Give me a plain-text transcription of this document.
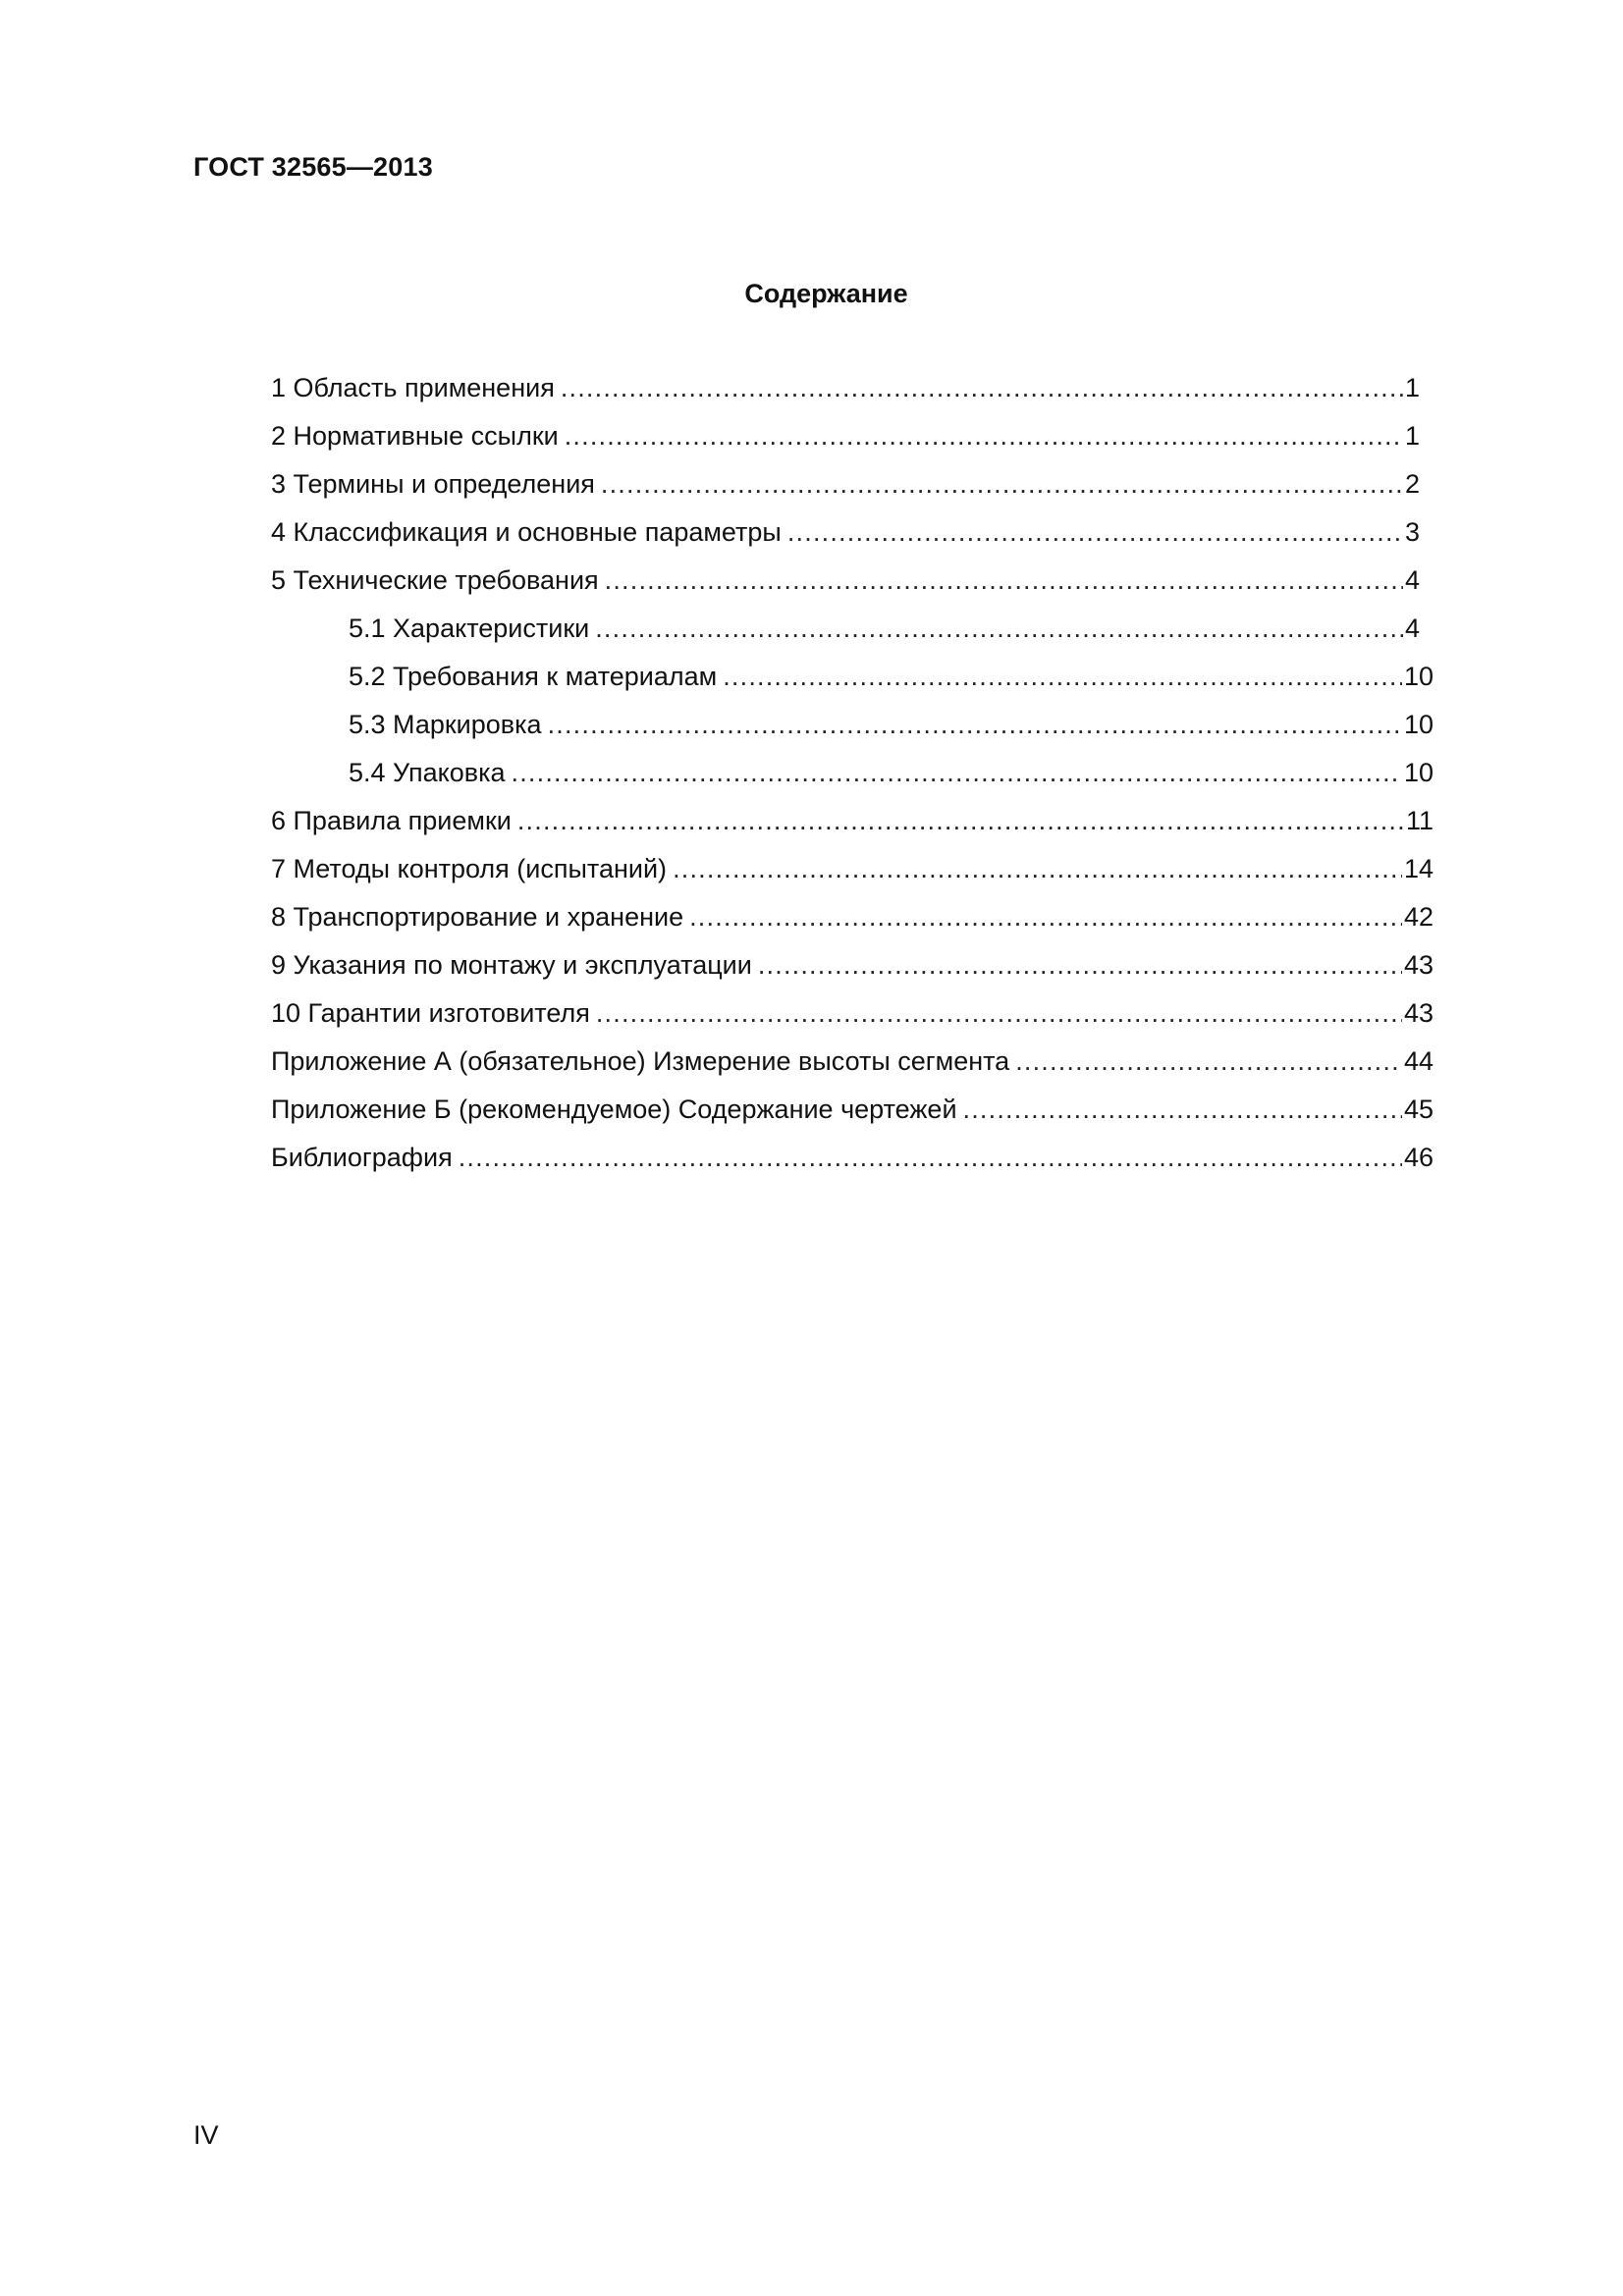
ГОСТ 32565—2013
Содержание
1 Область применения .....	1
2 Нормативные ссылки .....	1
3 Термины и определения .....	2
4 Классификация и основные параметры .....	3
5 Технические требования .....	4
5.1 Характеристики .....	4
5.2 Требования к материалам .....	10
5.3 Маркировка .....	10
5.4 Упаковка .....	10
6 Правила приемки .....	11
7 Методы контроля (испытаний) .....	14
8 Транспортирование и хранение .....	42
9 Указания по монтажу и эксплуатации .....	43
10 Гарантии изготовителя .....	43
Приложение А (обязательное) Измерение высоты сегмента .....	44
Приложение Б (рекомендуемое) Содержание чертежей .....	45
Библиография .....	46
IV
